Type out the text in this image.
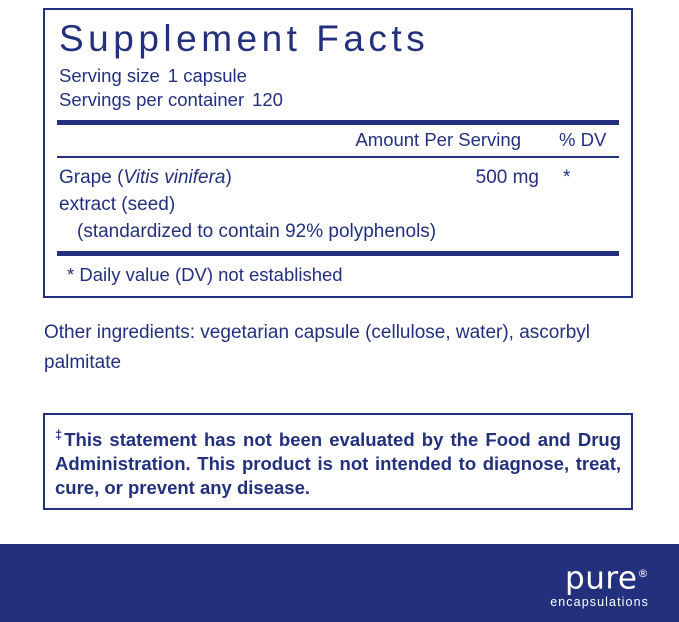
Supplement Facts
Serving size 1 capsule
Servings per container 120
Amount Per Serving % DV
Grape (Vitis vinifera)	500 mg *
extract (seed)
(standardized to contain 92% polyphenols)
* Daily value (DV) not established
Other ingredients: vegetarian capsule (cellulose, water), ascorbyl palmitate
‡This statement has not been evaluated by the Food and Drug Administration. This product is not intended to diagnose, treat, cure, or prevent any disease.
pure®
encapsulations
